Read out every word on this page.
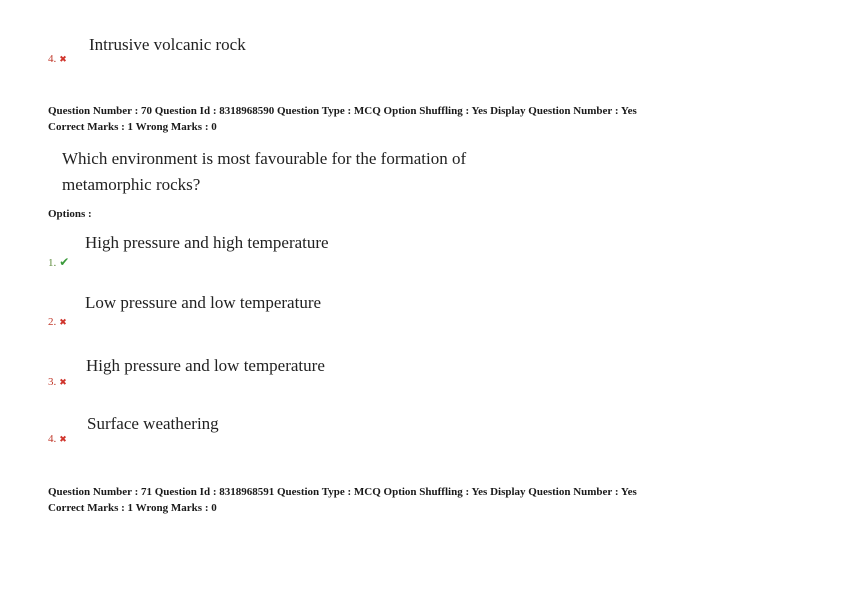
Intrusive volcanic rock
4. ✖
Question Number : 70 Question Id : 8318968590 Question Type : MCQ Option Shuffling : Yes Display Question Number : Yes
Correct Marks : 1 Wrong Marks : 0
Which environment is most favourable for the formation of metamorphic rocks?
Options :
High pressure and high temperature
1. ✔
Low pressure and low temperature
2. ✖
High pressure and low temperature
3. ✖
Surface weathering
4. ✖
Question Number : 71 Question Id : 8318968591 Question Type : MCQ Option Shuffling : Yes Display Question Number : Yes
Correct Marks : 1 Wrong Marks : 0
